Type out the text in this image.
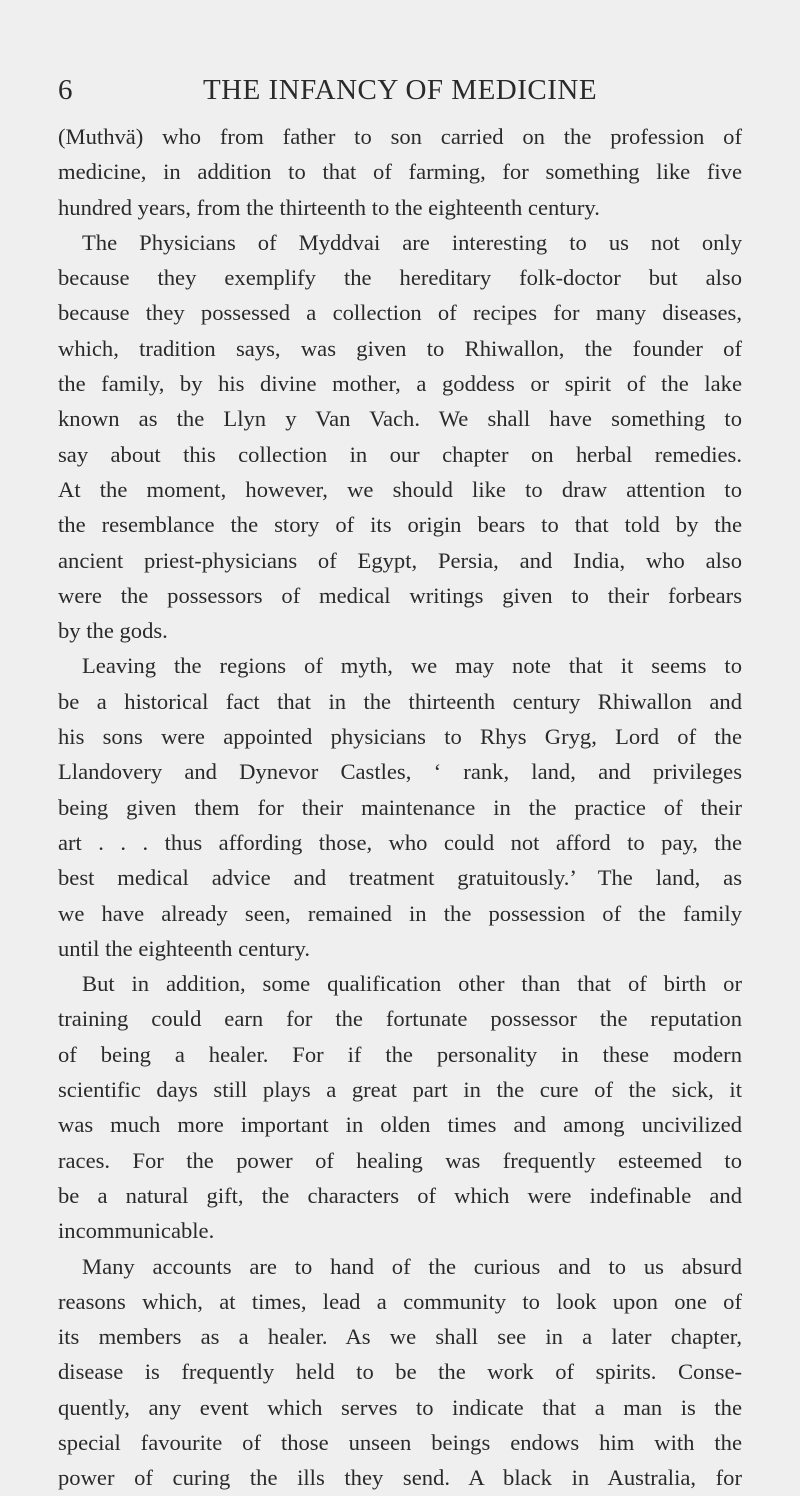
6	THE INFANCY OF MEDICINE
(Muthvä) who from father to son carried on the profession of
medicine, in addition to that of farming, for something like five
hundred years, from the thirteenth to the eighteenth century.
The Physicians of Myddvai are interesting to us not only
because they exemplify the hereditary folk-doctor but also
because they possessed a collection of recipes for many diseases,
which, tradition says, was given to Rhiwallon, the founder of
the family, by his divine mother, a goddess or spirit of the lake
known as the Llyn y Van Vach. We shall have something to
say about this collection in our chapter on herbal remedies.
At the moment, however, we should like to draw attention to
the resemblance the story of its origin bears to that told by the
ancient priest-physicians of Egypt, Persia, and India, who also
were the possessors of medical writings given to their forbears
by the gods.
Leaving the regions of myth, we may note that it seems to
be a historical fact that in the thirteenth century Rhiwallon and
his sons were appointed physicians to Rhys Gryg, Lord of the
Llandovery and Dynevor Castles, ‘ rank, land, and privileges
being given them for their maintenance in the practice of their
art . . . thus affording those, who could not afford to pay, the
best medical advice and treatment gratuitously.’ The land, as
we have already seen, remained in the possession of the family
until the eighteenth century.
But in addition, some qualification other than that of birth or
training could earn for the fortunate possessor the reputation
of being a healer. For if the personality in these modern
scientific days still plays a great part in the cure of the sick, it
was much more important in olden times and among uncivilized
races. For the power of healing was frequently esteemed to
be a natural gift, the characters of which were indefinable and
incommunicable.
Many accounts are to hand of the curious and to us absurd
reasons which, at times, lead a community to look upon one of
its members as a healer. As we shall see in a later chapter,
disease is frequently held to be the work of spirits. Conse-
quently, any event which serves to indicate that a man is the
special favourite of those unseen beings endows him with the
power of curing the ills they send. A black in Australia, for
